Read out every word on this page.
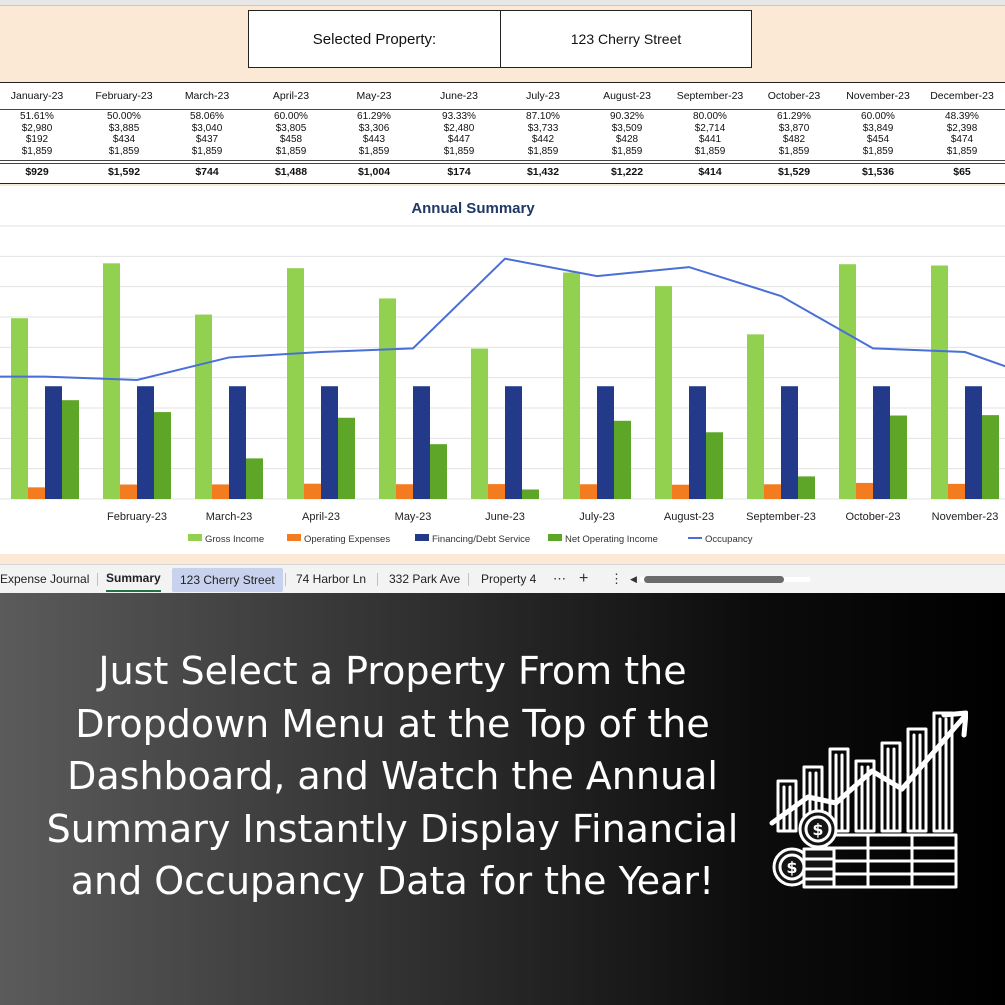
Selected Property:	123 Cherry Street
January-23	February-23	March-23	April-23	May-23	June-23	July-23	August-23	September-23	October-23	November-23	December-23
51.61%	50.00%	58.06%	60.00%	61.29%	93.33%	87.10%	90.32%	80.00%	61.29%	60.00%	48.39%
$2,980	$3,885	$3,040	$3,805	$3,306	$2,480	$3,733	$3,509	$2,714	$3,870	$3,849	$2,398
$192	$434	$437	$458	$443	$447	$442	$428	$441	$482	$454	$474
$1,859	$1,859	$1,859	$1,859	$1,859	$1,859	$1,859	$1,859	$1,859	$1,859	$1,859	$1,859
$929	$1,592	$744	$1,488	$1,004	$174	$1,432	$1,222	$414	$1,529	$1,536	$65
Annual Summary
February-23	March-23	April-23	May-23	June-23	July-23	August-23	September-23	October-23	November-23
Gross Income	Operating Expenses	Financing/Debt Service	Net Operating Income	Occupancy
Expense Journal Summary	123 Cherry Street	74 Harbor Ln 332 Park Ave Property 4 ⋯ + ⋮ ◀
Just Select a Property From the
Dropdown Menu at the Top of the
Dashboard, and Watch the Annual
Summary Instantly Display Financial
and Occupancy Data for the Year!
$
$
